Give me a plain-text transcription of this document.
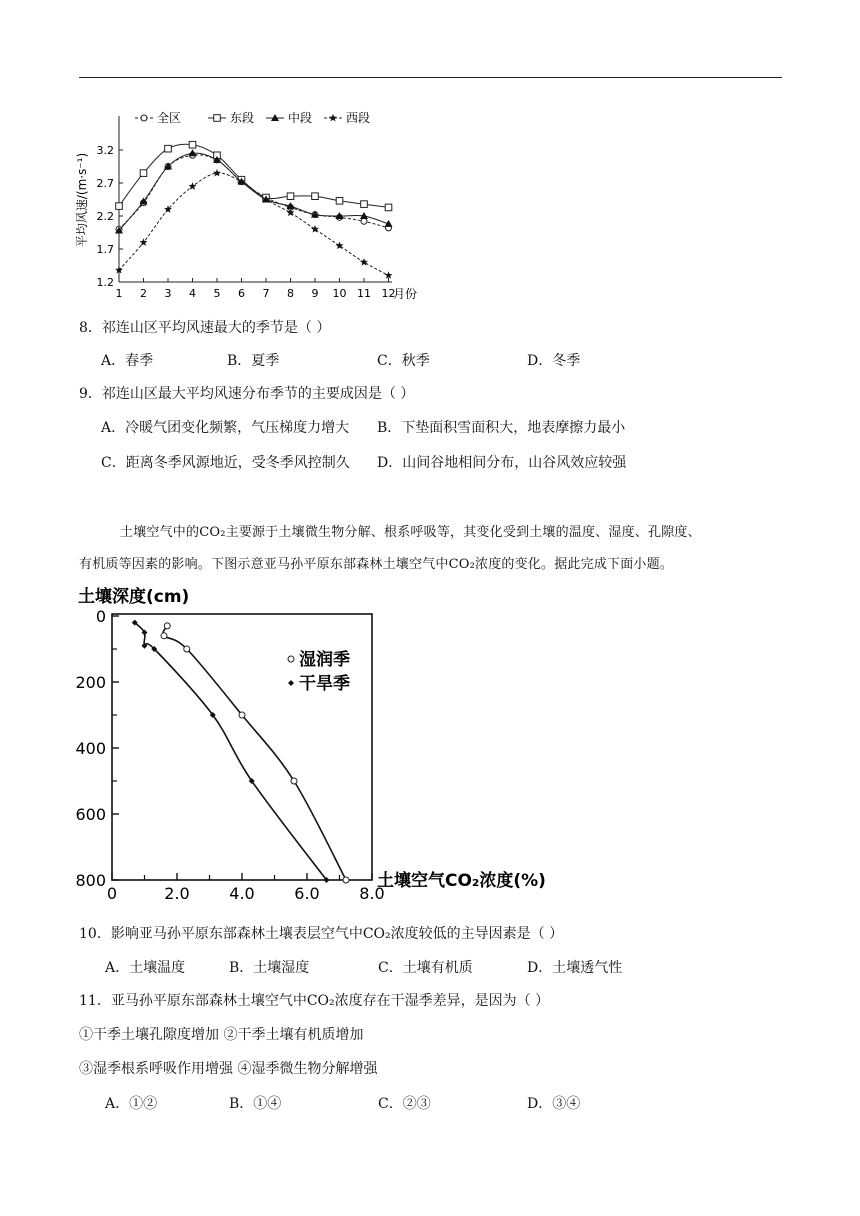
平均风速/(m·s⁻¹)
3.2
2.7
2.2
1.7
1.2
1 2 3 4 5 6 7 8 9 10 11 12
月份
全区	东段	中段	西段
8．祁连山区平均风速最大的季节是（ ）
A．春季	B．夏季	C．秋季	D．冬季
9．祁连山区最大平均风速分布季节的主要成因是（ ）
A．冷暖气团变化频繁，气压梯度力增大 B．下垫面积雪面积大，地表摩擦力最小
C．距离冬季风源地近，受冬季风控制久 D．山间谷地相间分布，山谷风效应较强
土壤空气中的CO₂主要源于土壤微生物分解、根系呼吸等，其变化受到土壤的温度、湿度、孔隙度、
有机质等因素的影响。下图示意亚马孙平原东部森林土壤空气中CO₂浓度的变化。据此完成下面小题。
土壤深度(cm)
0
200
400
600
800
0	2.0 4.0 6.0 8.0
湿润季
干旱季
土壤空气CO₂浓度(%)
10．影响亚马孙平原东部森林土壤表层空气中CO₂浓度较低的主导因素是（ ）
A．土壤温度	B．土壤湿度	C．土壤有机质	D．土壤透气性
11．亚马孙平原东部森林土壤空气中CO₂浓度存在干湿季差异，是因为（ ）
①干季土壤孔隙度增加 ②干季土壤有机质增加
③湿季根系呼吸作用增强 ④湿季微生物分解增强
A．①②	B．①④	C．②③	D．③④
